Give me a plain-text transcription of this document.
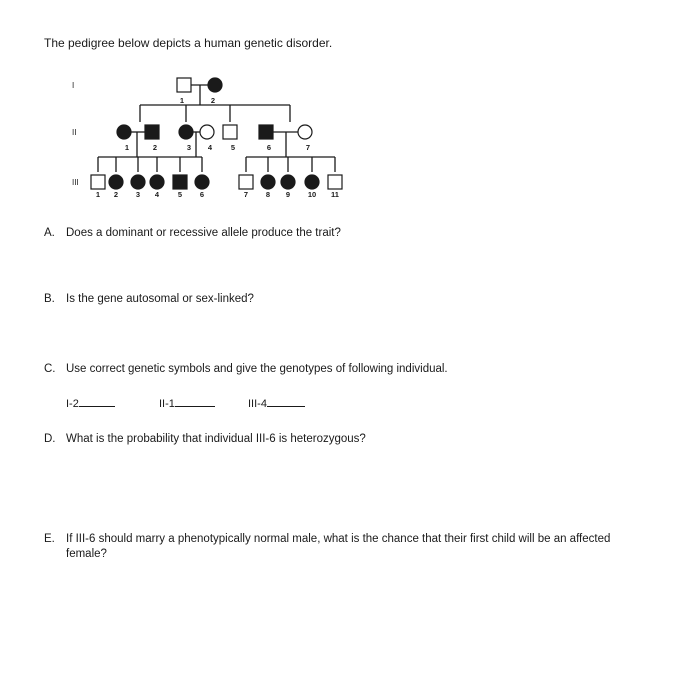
The pedigree below depicts a human genetic disorder.
I
II
III
1	2
1	2	3 4	5	6	7
1 2 3 4	5 6	7 8 9 10 11
A. Does a dominant or recessive allele produce the trait?
B. Is the gene autosomal or sex-linked?
C. Use correct genetic symbols and give the genotypes of following individual.
I-2	II-1	III-4
D. What is the probability that individual III-6 is heterozygous?
E. If III-6 should marry a phenotypically normal male, what is the chance that their first child will be an affected female?
